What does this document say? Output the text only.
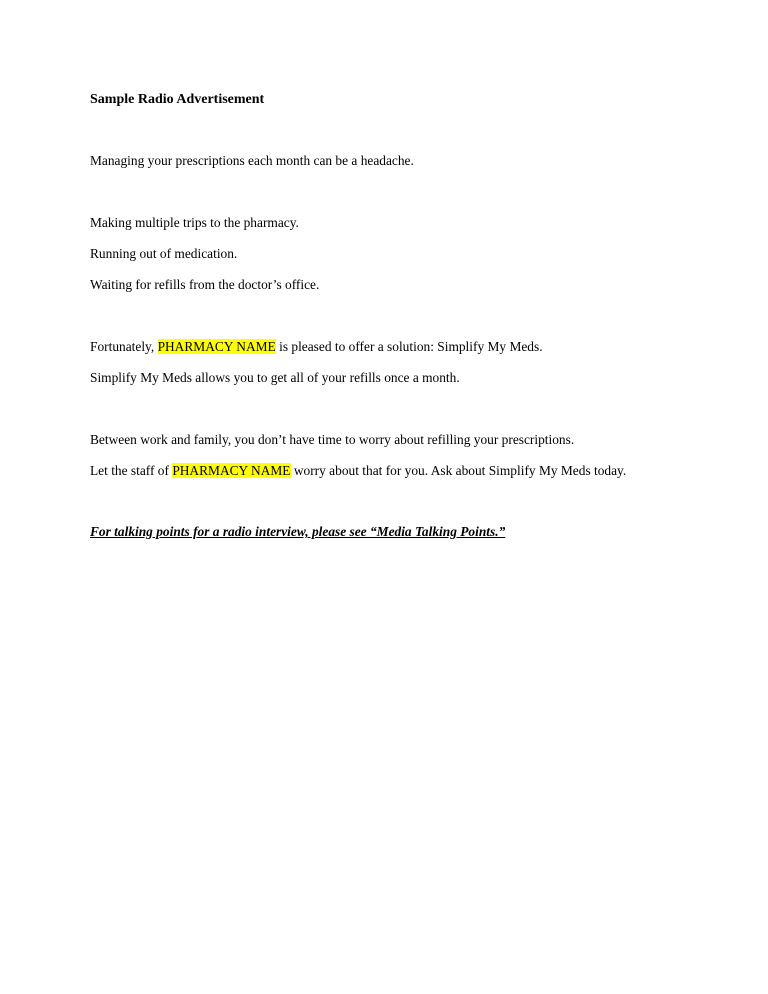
Sample Radio Advertisement

Managing your prescriptions each month can be a headache.

Making multiple trips to the pharmacy.

Running out of medication.

Waiting for refills from the doctor’s office.

Fortunately, PHARMACY NAME is pleased to offer a solution: Simplify My Meds.

Simplify My Meds allows you to get all of your refills once a month.

Between work and family, you don’t have time to worry about refilling your prescriptions.

Let the staff of PHARMACY NAME worry about that for you. Ask about Simplify My Meds today.

For talking points for a radio interview, please see “Media Talking Points.”
